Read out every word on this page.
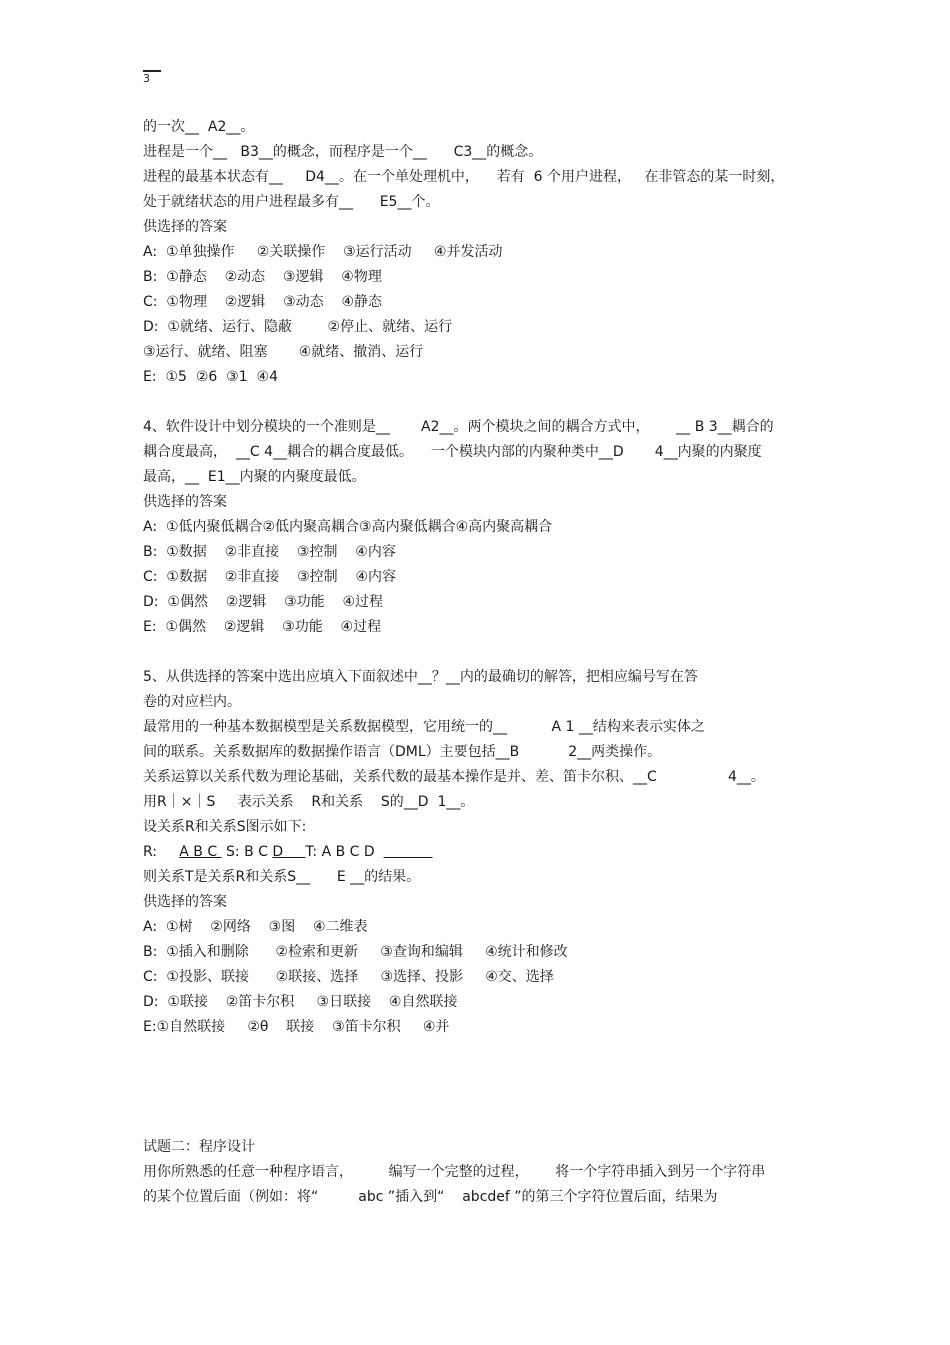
3
的一次__  A2__。
进程是一个__   B3__的概念，而程序是一个__      C3__的概念。
进程的最基本状态有__     D4__。在一个单处理机中，    若有  6 个用户进程，   在非管态的某一时刻，
处于就绪状态的用户进程最多有__      E5__个。
供选择的答案
A:  ①单独操作     ②关联操作    ③运行活动     ④并发活动
B:  ①静态    ②动态    ③逻辑    ④物理
C:  ①物理    ②逻辑    ③动态    ④静态
D:  ①就绪、运行、隐蔽        ②停止、就绪、运行
③运行、就绪、阻塞       ④就绪、撤消、运行
E:  ①5  ②6  ③1  ④4
4、软件设计中划分模块的一个准则是__       A2__。两个模块之间的耦合方式中，      __ B 3__耦合的
耦合度最高，  __C 4__耦合的耦合度最低。    一个模块内部的内聚种类中__D       4__内聚的内聚度
最高，__  E1__内聚的内聚度最低。
供选择的答案
A:  ①低内聚低耦合②低内聚高耦合③高内聚低耦合④高内聚高耦合
B:  ①数据    ②非直接    ③控制    ④内容
C:  ①数据    ②非直接    ③控制    ④内容
D:  ①偶然    ②逻辑    ③功能    ④过程
E:  ①偶然    ②逻辑    ③功能    ④过程
5、从供选择的答案中选出应填入下面叙述中__？__内的最确切的解答，把相应编号写在答
卷的对应栏内。
最常用的一种基本数据模型是关系数据模型，它用统一的__          A 1 __结构来表示实体之
间的联系。关系数据库的数据操作语言（DML）主要包括__B           2__两类操作。
关系运算以关系代数为理论基础，关系代数的最基本操作是并、差、笛卡尔积、__C                4__。
用R｜×｜S     表示关系    R和关系    S的__D  1__。
设关系R和关系S图示如下:
R:     A B C  S: B C D     T: A B C D
则关系T是关系R和关系S__      E __的结果。
供选择的答案
A:  ①树    ②网络    ③图    ④二维表
B:  ①插入和删除      ②检索和更新     ③查询和编辑     ④统计和修改
C:  ①投影、联接      ②联接、选择     ③选择、投影     ④交、选择
D:  ①联接    ②笛卡尔积     ③日联接    ④自然联接
E:①自然联接     ②θ    联接    ③笛卡尔积     ④并
试题二：程序设计
用你所熟悉的任意一种程序语言，        编写一个完整的过程，      将一个字符串插入到另一个字符串
的某个位置后面（例如：将“         abc ”插入到“    abcdef ”的第三个字符位置后面，结果为
